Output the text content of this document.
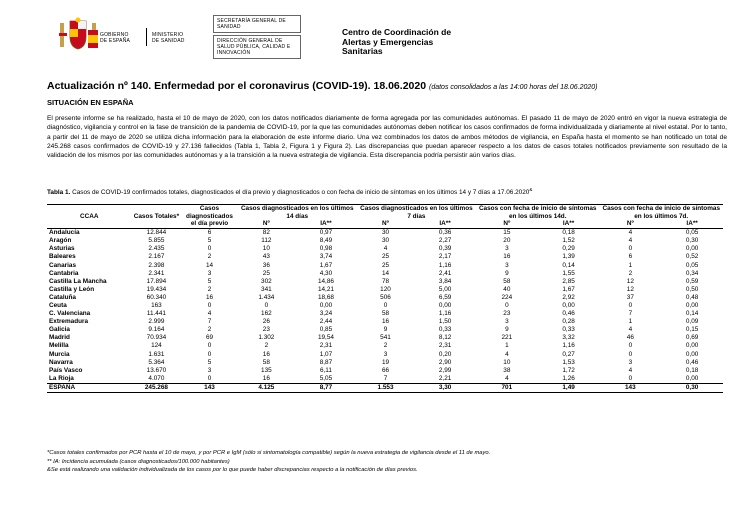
GOBIERNO
DE ESPAÑA
MINISTERIO
DE SANIDAD
SECRETARÍA GENERAL DE SANIDAD
DIRECCIÓN GENERAL DE SALUD PÚBLICA, CALIDAD E INNOVACIÓN
Centro de Coordinación de
Alertas y Emergencias
Sanitarias
Actualización nº 140. Enfermedad por el coronavirus (COVID-19). 18.06.2020 (datos consolidados a las 14:00 horas del 18.06.2020)
SITUACIÓN EN ESPAÑA
El presente informe se ha realizado, hasta el 10 de mayo de 2020, con los datos notificados diariamente de forma agregada por las comunidades autónomas. El pasado 11 de mayo de 2020 entró en vigor la nueva estrategia de diagnóstico, vigilancia y control en la fase de transición de la pandemia de COVID-19, por la que las comunidades autónomas deben notificar los casos confirmados de forma individualizada y diariamente al nivel estatal. Por lo tanto, a partir del 11 de mayo de 2020 se utiliza dicha información para la elaboración de este informe diario. Una vez combinados los datos de ambos métodos de vigilancia, en España hasta el momento se han notificado un total de 245.268 casos confirmados de COVID-19 y 27.136 fallecidos (Tabla 1, Tabla 2, Figura 1 y Figura 2). Las discrepancias que puedan aparecer respecto a los datos de casos totales notificados previamente son resultado de la validación de los mismos por las comunidades autónomas y a la transición a la nueva estrategia de vigilancia. Esta discrepancia podría persistir aún varios días.
Tabla 1. Casos de COVID-19 confirmados totales, diagnosticados el día previo y diagnosticados o con fecha de inicio de síntomas en los últimos 14 y 7 días a 17.06.2020&
CCAA	Casos Totales*	Casos diagnosticados el día previo	Casos diagnosticados en los últimos 14 días		Casos diagnosticados en los últimos 7 días		Casos con fecha de inicio de síntomas en los últimos 14d.		Casos con fecha de inicio de síntomas en los últimos 7d.	
			Nº	IA**	Nº	IA**	Nº	IA**	Nº	IA**
Andalucía	12.844	6	82	0,97	30	0,36	15	0,18	4	0,05
Aragón	5.855	5	112	8,49	30	2,27	20	1,52	4	0,30
Asturias	2.435	0	10	0,98	4	0,39	3	0,29	0	0,00
Baleares	2.167	2	43	3,74	25	2,17	16	1,39	6	0,52
Canarias	2.398	14	36	1,67	25	1,16	3	0,14	1	0,05
Cantabria	2.341	3	25	4,30	14	2,41	9	1,55	2	0,34
Castilla La Mancha	17.894	5	302	14,86	78	3,84	58	2,85	12	0,59
Castilla y León	19.434	2	341	14,21	120	5,00	40	1,67	12	0,50
Cataluña	60.340	16	1.434	18,68	506	6,59	224	2,92	37	0,48
Ceuta	163	0	0	0,00	0	0,00	0	0,00	0	0,00
C. Valenciana	11.441	4	162	3,24	58	1,16	23	0,46	7	0,14
Extremadura	2.999	7	26	2,44	16	1,50	3	0,28	1	0,09
Galicia	9.164	2	23	0,85	9	0,33	9	0,33	4	0,15
Madrid	70.934	69	1.302	19,54	541	8,12	221	3,32	46	0,69
Melilla	124	0	2	2,31	2	2,31	1	1,16	0	0,00
Murcia	1.631	0	16	1,07	3	0,20	4	0,27	0	0,00
Navarra	5.364	5	58	8,87	19	2,90	10	1,53	3	0,46
País Vasco	13.670	3	135	6,11	66	2,99	38	1,72	4	0,18
La Rioja	4.070	0	16	5,05	7	2,21	4	1,26	0	0,00
ESPAÑA	245.268	143	4.125	8,77	1.553	3,30	701	1,49	143	0,30
*Casos totales confirmados por PCR hasta el 10 de mayo, y por PCR e IgM (sólo si sintomatología compatible) según la nueva estrategia de vigilancia desde el 11 de mayo.
** IA: Incidencia acumulada (casos diagnosticados/100.000 habitantes)
&Se está realizando una validación individualizada de los casos por lo que puede haber discrepancias respecto a la notificación de días previos.
